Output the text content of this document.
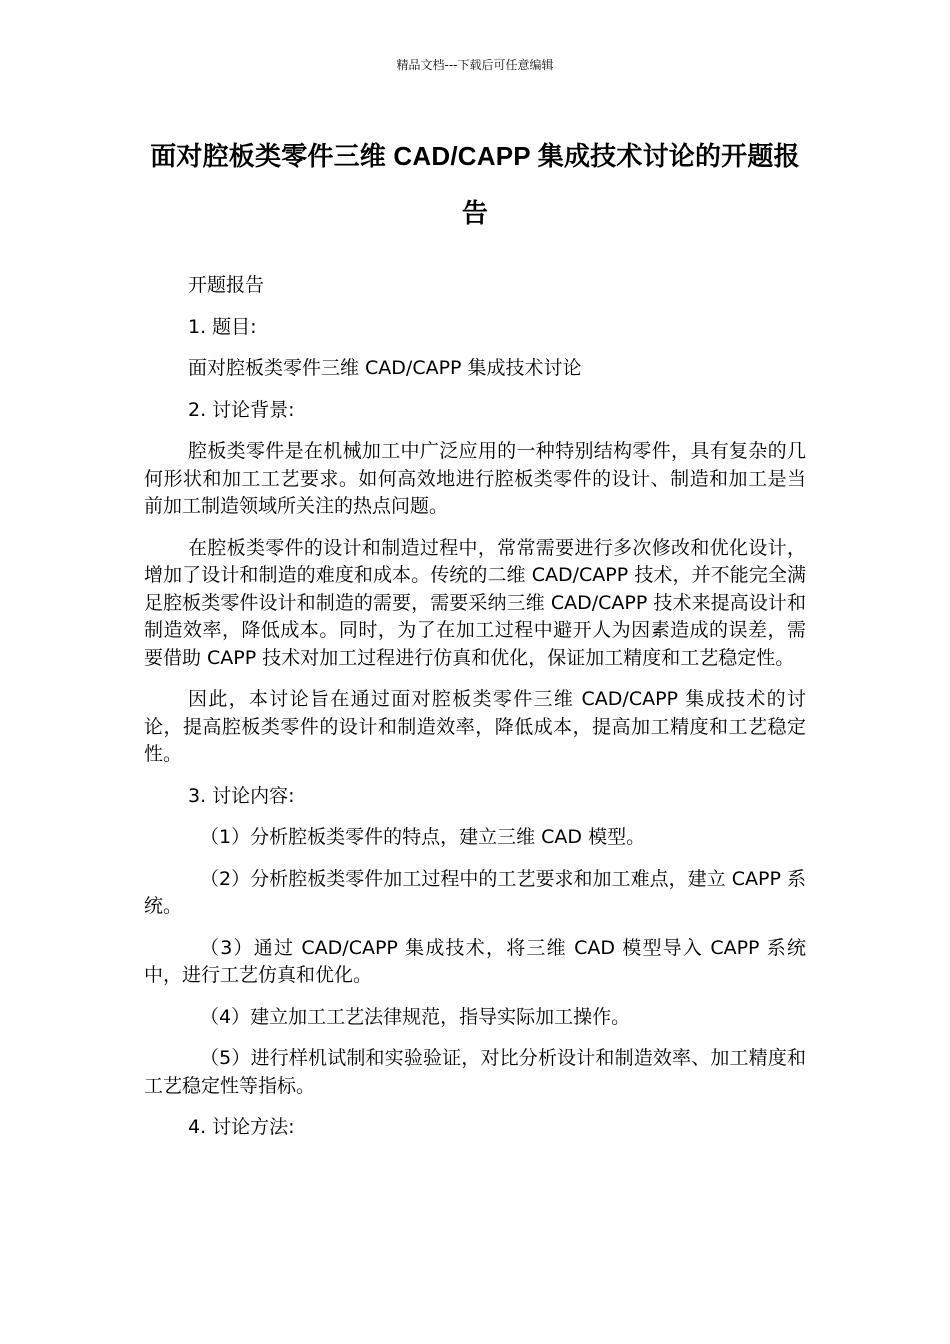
精品文档---下载后可任意编辑
面对腔板类零件三维 CAD/CAPP 集成技术讨论的开题报告

开题报告

1. 题目:

面对腔板类零件三维 CAD/CAPP 集成技术讨论

2. 讨论背景:

腔板类零件是在机械加工中广泛应用的一种特别结构零件，具有复杂的几何形状和加工工艺要求。如何高效地进行腔板类零件的设计、制造和加工是当前加工制造领域所关注的热点问题。

在腔板类零件的设计和制造过程中，常常需要进行多次修改和优化设计，增加了设计和制造的难度和成本。传统的二维 CAD/CAPP 技术，并不能完全满足腔板类零件设计和制造的需要，需要采纳三维 CAD/CAPP 技术来提高设计和制造效率，降低成本。同时，为了在加工过程中避开人为因素造成的误差，需要借助 CAPP 技术对加工过程进行仿真和优化，保证加工精度和工艺稳定性。

因此，本讨论旨在通过面对腔板类零件三维 CAD/CAPP 集成技术的讨论，提高腔板类零件的设计和制造效率，降低成本，提高加工精度和工艺稳定性。

3. 讨论内容:

（1）分析腔板类零件的特点，建立三维 CAD 模型。

（2）分析腔板类零件加工过程中的工艺要求和加工难点，建立 CAPP 系统。

（3）通过 CAD/CAPP 集成技术，将三维 CAD 模型导入 CAPP 系统中，进行工艺仿真和优化。

（4）建立加工工艺法律规范，指导实际加工操作。

（5）进行样机试制和实验验证，对比分析设计和制造效率、加工精度和工艺稳定性等指标。

4. 讨论方法:
